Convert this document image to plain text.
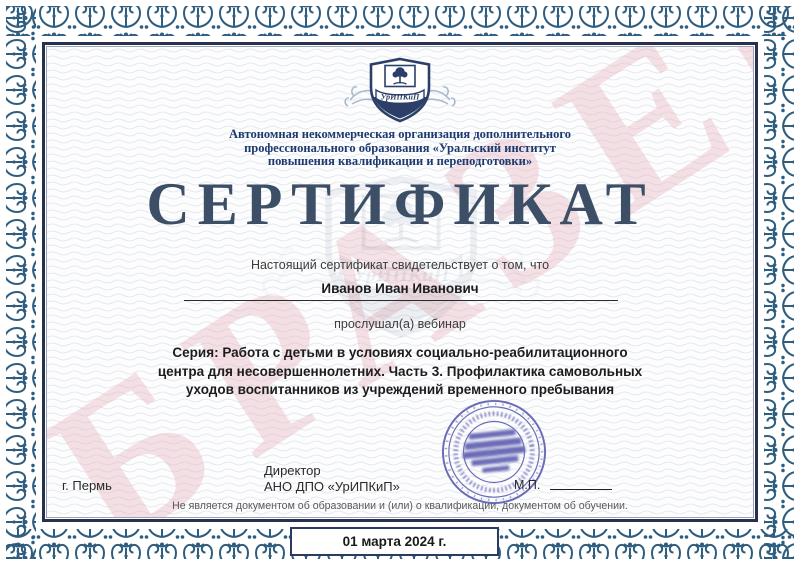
УрИПКиП
Автономная некоммерческая организация дополнительного
профессионального образования «Уральский институт
повышения квалификации и переподготовки»
СЕРТИФИКАТ
Настоящий сертификат свидетельствует о том, что
Иванов Иван Иванович
прослушал(а) вебинар
Серия: Работа с детьми в условиях социально-реабилитационного
центра для несовершеннолетних. Часть 3. Профилактика самовольных
уходов воспитанников из учреждений временного пребывания
Директор
АНО ДПО «УрИПКиП»
г. Пермь	М.П.
Не является документом об образовании и (или) о квалификации, документом об обучении.
01 марта 2024 г.
